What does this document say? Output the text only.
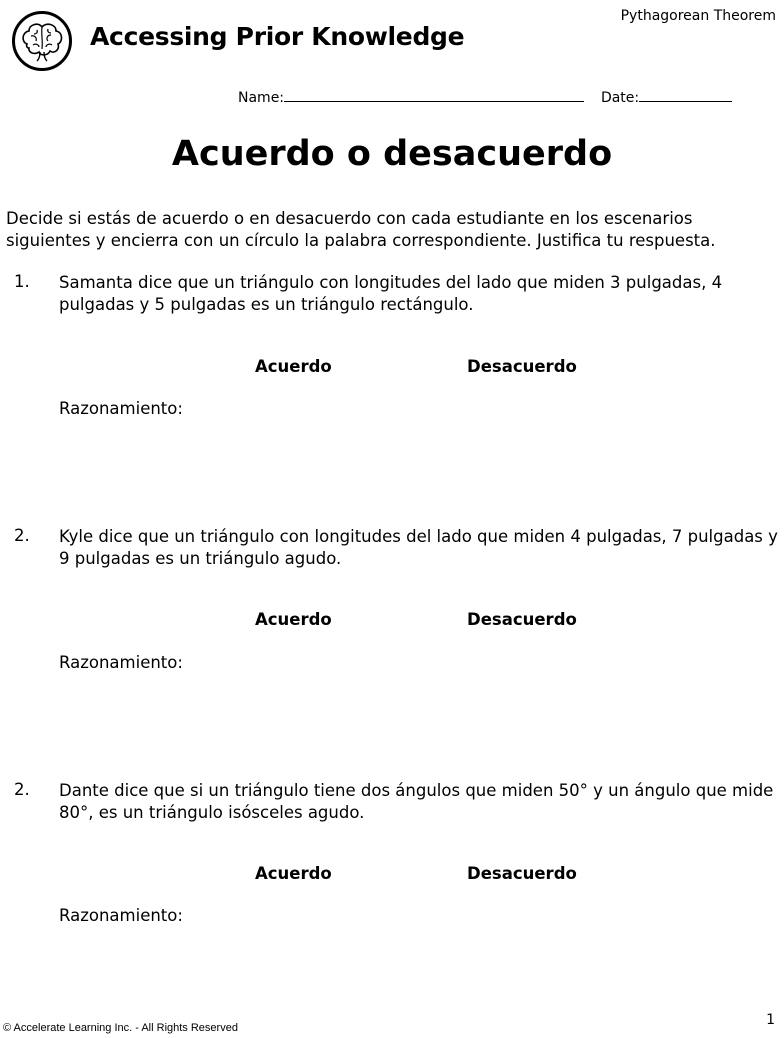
Accessing Prior Knowledge
Pythagorean Theorem
Name:	Date:
Acuerdo o desacuerdo
Decide si estás de acuerdo o en desacuerdo con cada estudiante en los escenarios siguientes y encierra con un círculo la palabra correspondiente. Justifica tu respuesta.
1. Samanta dice que un triángulo con longitudes del lado que miden 3 pulgadas, 4 pulgadas y 5 pulgadas es un triángulo rectángulo.
Acuerdo	Desacuerdo
Razonamiento:
2. Kyle dice que un triángulo con longitudes del lado que miden 4 pulgadas, 7 pulgadas y 9 pulgadas es un triángulo agudo.
Acuerdo	Desacuerdo
Razonamiento:
2. Dante dice que si un triángulo tiene dos ángulos que miden 50° y un ángulo que mide 80°, es un triángulo isósceles agudo.
Acuerdo	Desacuerdo
Razonamiento:
© Accelerate Learning Inc. - All Rights Reserved	1
